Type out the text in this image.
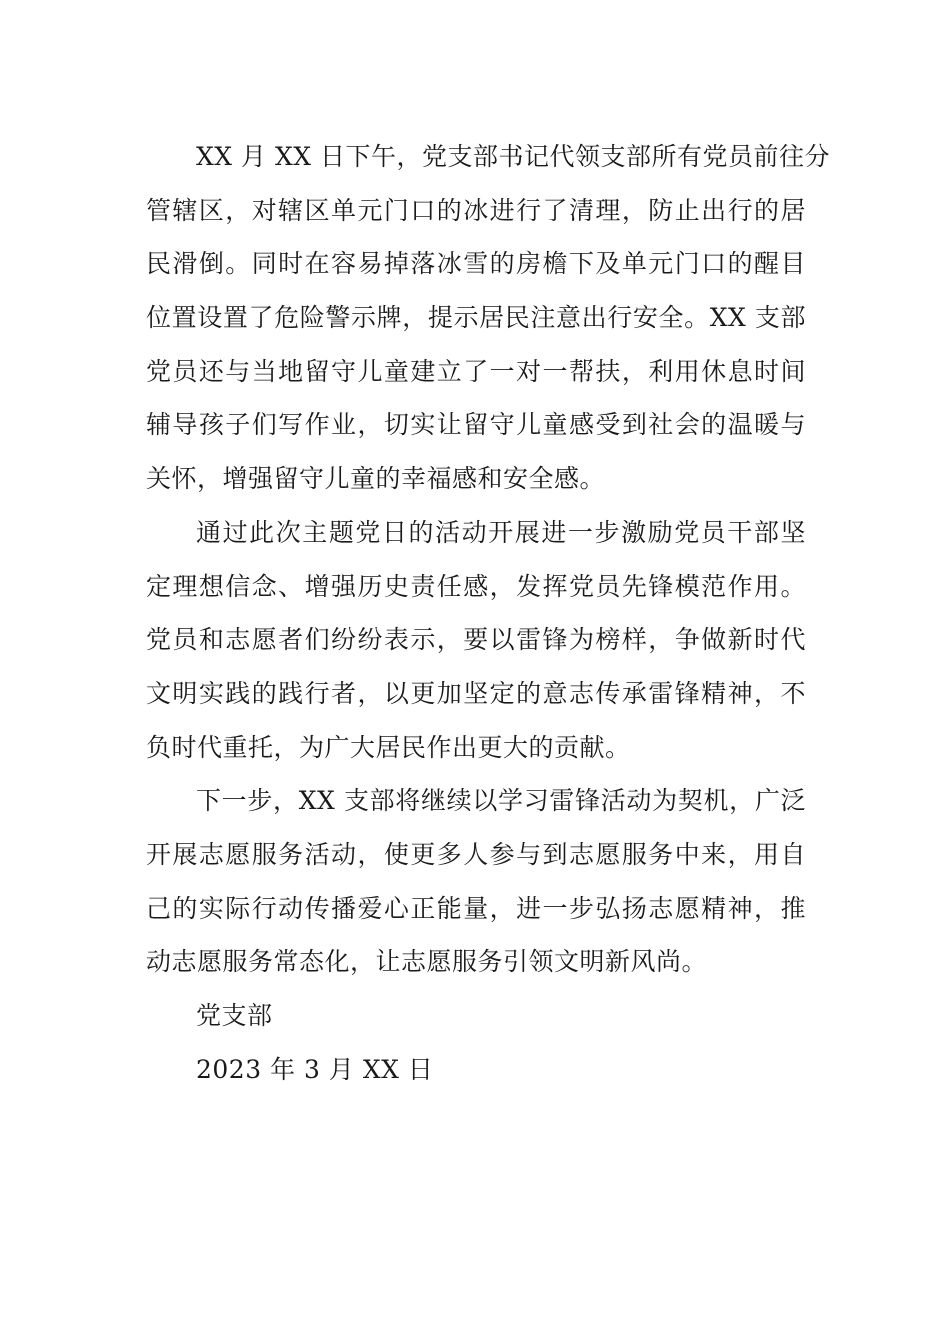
XX 月 XX 日下午，党支部书记代领支部所有党员前往分
管辖区，对辖区单元门口的冰进行了清理，防止出行的居
民滑倒。同时在容易掉落冰雪的房檐下及单元门口的醒目
位置设置了危险警示牌，提示居民注意出行安全。XX 支部
党员还与当地留守儿童建立了一对一帮扶，利用休息时间
辅导孩子们写作业，切实让留守儿童感受到社会的温暖与
关怀，增强留守儿童的幸福感和安全感。
通过此次主题党日的活动开展进一步激励党员干部坚
定理想信念、增强历史责任感，发挥党员先锋模范作用。
党员和志愿者们纷纷表示，要以雷锋为榜样，争做新时代
文明实践的践行者，以更加坚定的意志传承雷锋精神，不
负时代重托，为广大居民作出更大的贡献。
下一步，XX 支部将继续以学习雷锋活动为契机，广泛
开展志愿服务活动，使更多人参与到志愿服务中来，用自
己的实际行动传播爱心正能量，进一步弘扬志愿精神，推
动志愿服务常态化，让志愿服务引领文明新风尚。
党支部
2023 年 3 月 XX 日
